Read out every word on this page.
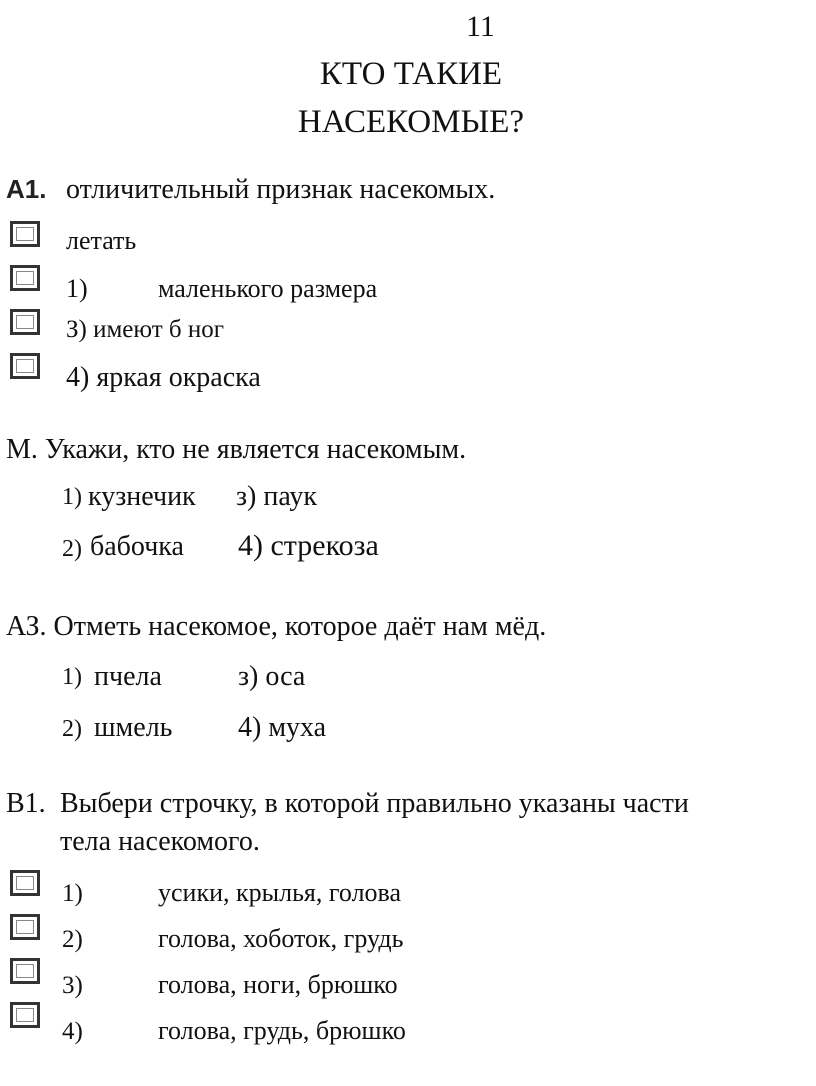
11
КТО ТАКИЕ
НАСЕКОМЫЕ?
А1. отличительный признак насекомых.
летать
1)	маленького размера
З) имеют б ног
4) яркая окраска
М. Укажи, кто не является насекомым.
1) кузнечик з) паук
2) бабочка 4) стрекоза
АЗ. Отметь насекомое, которое даёт нам мёд.
1) пчела	з) оса
2) шмель 4) муха
В1. Выбери строчку, в которой правильно указаны части
тела насекомого.
1)	усики, крылья, голова
2)	голова, хоботок, грудь
3)	голова, ноги, брюшко
4)	голова, грудь, брюшко
